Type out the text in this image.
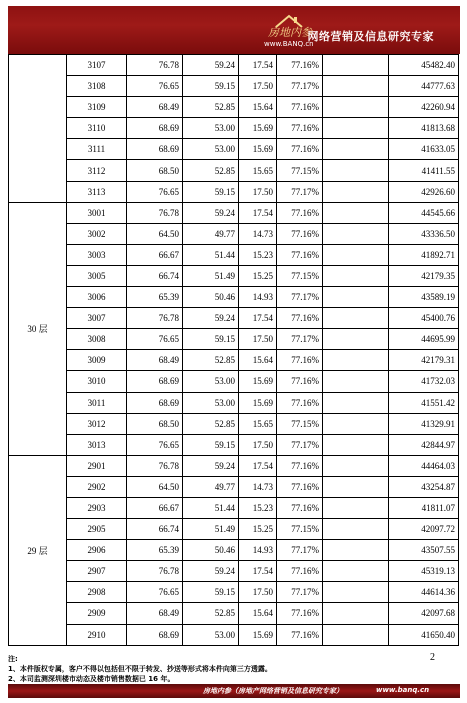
房地内参
www.BANQ.cn
网络营销及信息研究专家
	3107	76.78	59.24	17.54	77.16%		45482.40	
	3108	76.65	59.15	17.50	77.17%		44777.63	
	3109	68.49	52.85	15.64	77.16%		42260.94	
	3110	68.69	53.00	15.69	77.16%		41813.68	
	3111	68.69	53.00	15.69	77.16%		41633.05	
	3112	68.50	52.85	15.65	77.15%		41411.55	
	3113	76.65	59.15	17.50	77.17%		42926.60	
30 层	3001	76.78	59.24	17.54	77.16%		44545.66	
	3002	64.50	49.77	14.73	77.16%		43336.50	
	3003	66.67	51.44	15.23	77.16%		41892.71	
	3005	66.74	51.49	15.25	77.15%		42179.35	
	3006	65.39	50.46	14.93	77.17%		43589.19	
	3007	76.78	59.24	17.54	77.16%		45400.76	
	3008	76.65	59.15	17.50	77.17%		44695.99	
	3009	68.49	52.85	15.64	77.16%		42179.31	
	3010	68.69	53.00	15.69	77.16%		41732.03	
	3011	68.69	53.00	15.69	77.16%		41551.42	
	3012	68.50	52.85	15.65	77.15%		41329.91	
	3013	76.65	59.15	17.50	77.17%		42844.97	
29 层	2901	76.78	59.24	17.54	77.16%		44464.03	
	2902	64.50	49.77	14.73	77.16%		43254.87	
	2903	66.67	51.44	15.23	77.16%		41811.07	
	2905	66.74	51.49	15.25	77.15%		42097.72	
	2906	65.39	50.46	14.93	77.17%		43507.55	
	2907	76.78	59.24	17.54	77.16%		45319.13	
	2908	76.65	59.15	17.50	77.17%		44614.36	
	2909	68.49	52.85	15.64	77.16%		42097.68	
	2910	68.69	53.00	15.69	77.16%		41650.40	
注:
1、本件版权专属，客户不得以包括但不限于转发、抄送等形式将本件向第三方透露。
2、本司监测深圳楼市动态及楼市销售数据已 16 年。
2
房地内参（房地产网络营销及信息研究专家）	www.banq.cn
